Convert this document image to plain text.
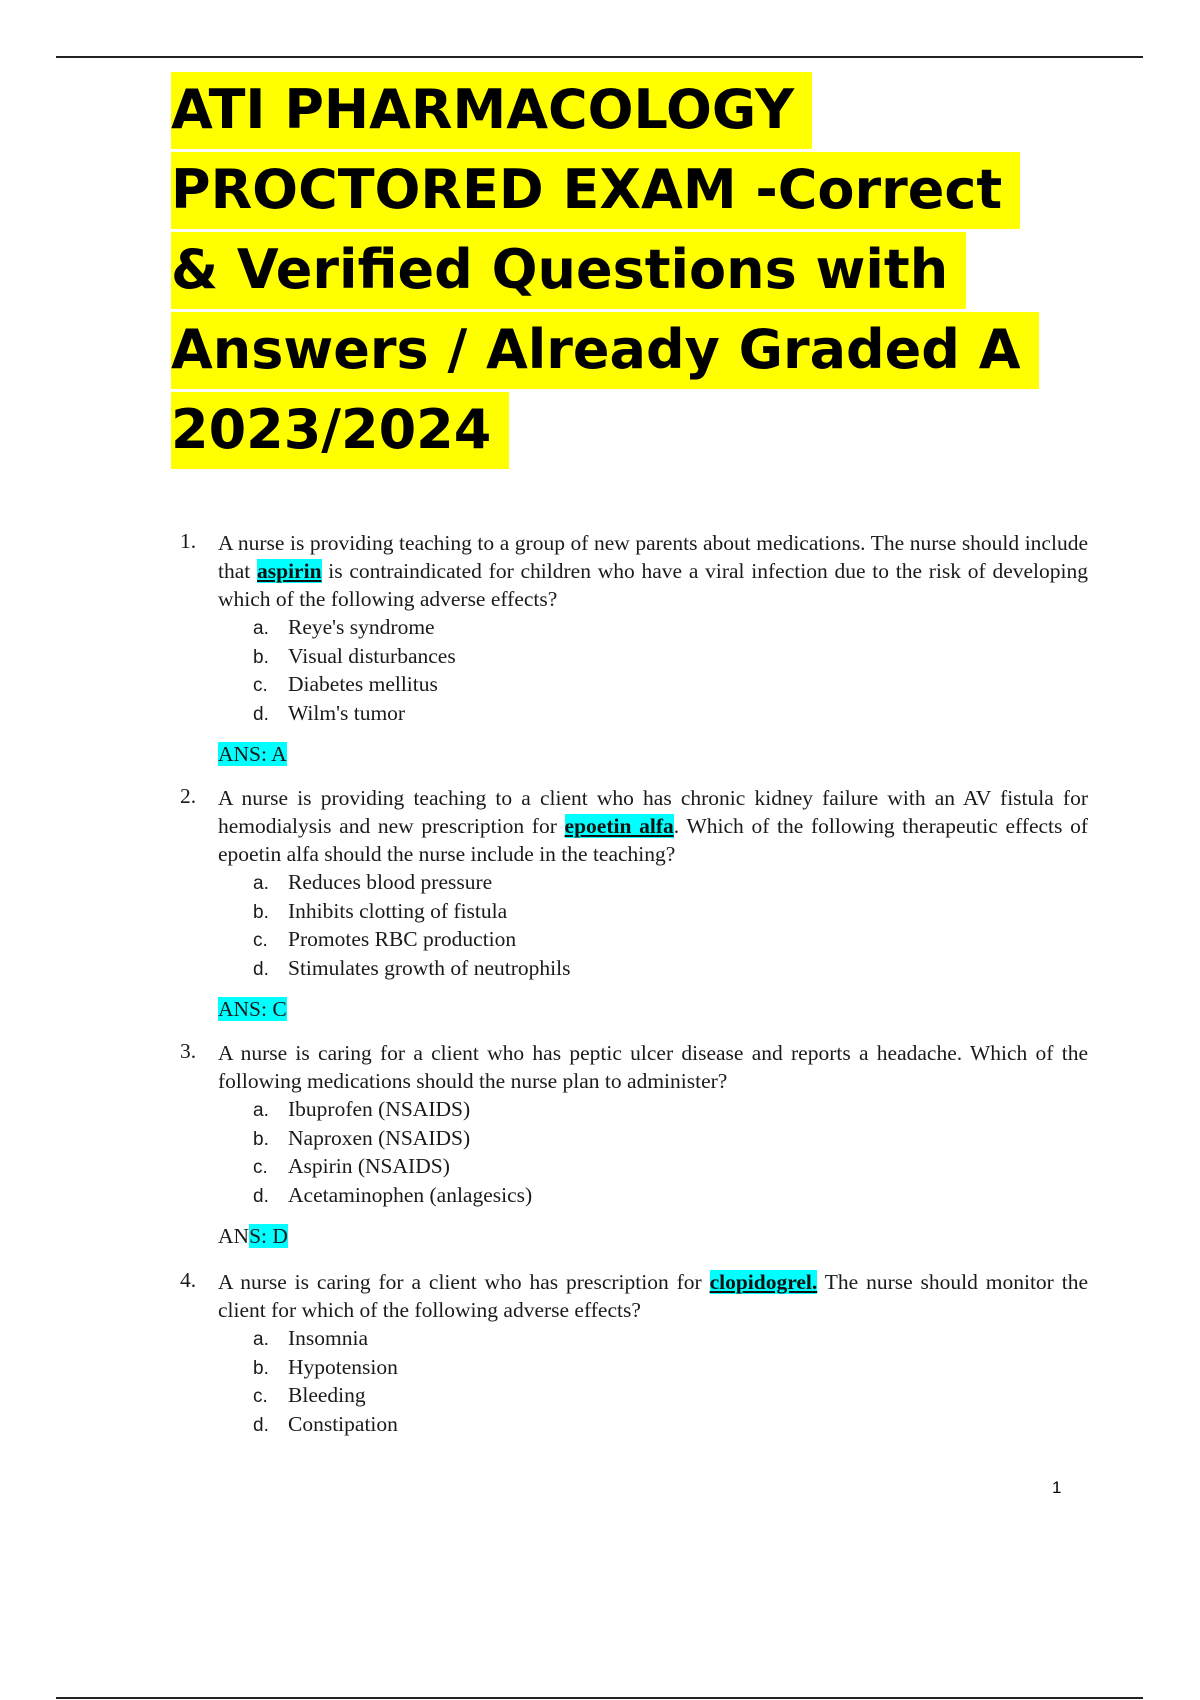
ATI PHARMACOLOGY
PROCTORED EXAM -Correct
& Verified Questions with
Answers / Already Graded A
2023/2024
1.	A nurse is providing teaching to a group of new parents about medications. The nurse should include that aspirin is contraindicated for children who have a viral infection due to the risk of developing which of the following adverse effects?
a. Reye's syndrome
b. Visual disturbances
c. Diabetes mellitus
d. Wilm's tumor
ANS: A
2.	A nurse is providing teaching to a client who has chronic kidney failure with an AV fistula for hemodialysis and new prescription for epoetin alfa. Which of the following therapeutic effects of epoetin alfa should the nurse include in the teaching?
a. Reduces blood pressure
b. Inhibits clotting of fistula
c. Promotes RBC production
d. Stimulates growth of neutrophils
ANS: C
3.	A nurse is caring for a client who has peptic ulcer disease and reports a headache. Which of the following medications should the nurse plan to administer?
a. Ibuprofen (NSAIDS)
b. Naproxen (NSAIDS)
c. Aspirin (NSAIDS)
d. Acetaminophen (anlagesics)
ANS: D
4.	A nurse is caring for a client who has prescription for clopidogrel. The nurse should monitor the client for which of the following adverse effects?
a. Insomnia
b. Hypotension
c. Bleeding
d. Constipation
1
